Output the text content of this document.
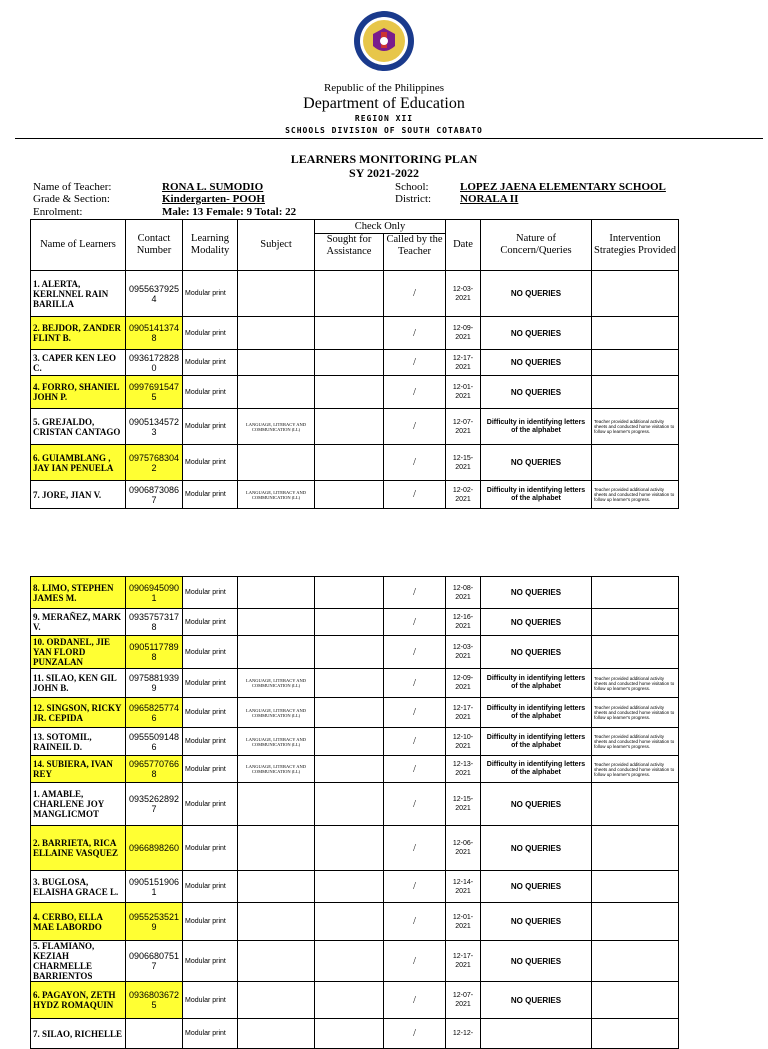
Republic of the Philippines
Department of Education
REGION XII
SCHOOLS DIVISION OF SOUTH COTABATO
LEARNERS MONITORING PLAN
SY 2021-2022
Name of Teacher:	RONA L. SUMODIO
Grade & Section:	Kindergarten- POOH
Enrolment:	Male: 13 Female: 9 Total: 22
School:	LOPEZ JAENA ELEMENTARY SCHOOL
District:	NORALA II
Name of Learners	Contact Number	Learning Modality	Subject	Check Only		Date	Nature of Concern/Queries	Intervention Strategies Provided
				Sought for Assistance	Called by the Teacher			
1. ALERTA, KERLNNEL RAIN BARILLA	09556379254	Modular print			/	12-03-2021	NO QUERIES	
2. BEJDOR, ZANDER FLINT B.	09051413748	Modular print			/	12-09-2021	NO QUERIES	
3. CAPER KEN LEO C.	09361728280	Modular print			/	12-17-2021	NO QUERIES	
4. FORRO, SHANIEL JOHN P.	09976915475	Modular print			/	12-01-2021	NO QUERIES	
5. GREJALDO, CRISTAN CANTAGO	09051345723	Modular print	LANGUAGE, LITERACY AND COMMUNICATION (LL)		/	12-07-2021	Difficulty in identifying letters of the alphabet	Teacher provided additional activity sheets and conducted home visitation to follow up learner's progress.
6. GUIAMBLANG , JAY IAN PENUELA	09757683042	Modular print			/	12-15-2021	NO QUERIES	
7. JORE, JIAN V.	09068730867	Modular print	LANGUAGE, LITERACY AND COMMUNICATION (LL)		/	12-02-2021	Difficulty in identifying letters of the alphabet	Teacher provided additional activity sheets and conducted home visitation to follow up learner's progress.
8. LIMO, STEPHEN JAMES M.	09069450901	Modular print			/	12-08-2021	NO QUERIES	
9. MERAÑEZ, MARK V.	09357573178	Modular print			/	12-16-2021	NO QUERIES	
10. ORDANEL, JIE YAN FLORD PUNZALAN	09051177898	Modular print			/	12-03-2021	NO QUERIES	
11. SILAO, KEN GIL JOHN B.	09758819399	Modular print	LANGUAGE, LITERACY AND COMMUNICATION (LL)		/	12-09-2021	Difficulty in identifying letters of the alphabet	Teacher provided additional activity sheets and conducted home visitation to follow up learner's progress.
12. SINGSON, RICKY JR. CEPIDA	09658257746	Modular print	LANGUAGE, LITERACY AND COMMUNICATION (LL)		/	12-17-2021	Difficulty in identifying letters of the alphabet	Teacher provided additional activity sheets and conducted home visitation to follow up learner's progress.
13. SOTOMIL, RAINEIL D.	09555091486	Modular print	LANGUAGE, LITERACY AND COMMUNICATION (LL)		/	12-10-2021	Difficulty in identifying letters of the alphabet	Teacher provided additional activity sheets and conducted home visitation to follow up learner's progress.
14. SUBIERA, IVAN REY	09657707668	Modular print	LANGUAGE, LITERACY AND COMMUNICATION (LL)		/	12-13-2021	Difficulty in identifying letters of the alphabet	Teacher provided additional activity sheets and conducted home visitation to follow up learner's progress.
1. AMABLE, CHARLENE JOY MANGLICMOT	09352628927	Modular print			/	12-15-2021	NO QUERIES	
2. BARRIETA, RICA ELLAINE VASQUEZ	0966898260	Modular print			/	12-06-2021	NO QUERIES	
3. BUGLOSA, ELAISHA GRACE L.	09051519061	Modular print			/	12-14-2021	NO QUERIES	
4. CERBO, ELLA MAE LABORDO	09552535219	Modular print			/	12-01-2021	NO QUERIES	
5. FLAMIANO, KEZIAH CHARMELLE BARRIENTOS	09066807517	Modular print			/	12-17-2021	NO QUERIES	
6. PAGAYON, ZETH HYDZ ROMAQUIN	09368036725	Modular print			/	12-07-2021	NO QUERIES	
7. SILAO, RICHELLE		Modular print			/	12-12-		
